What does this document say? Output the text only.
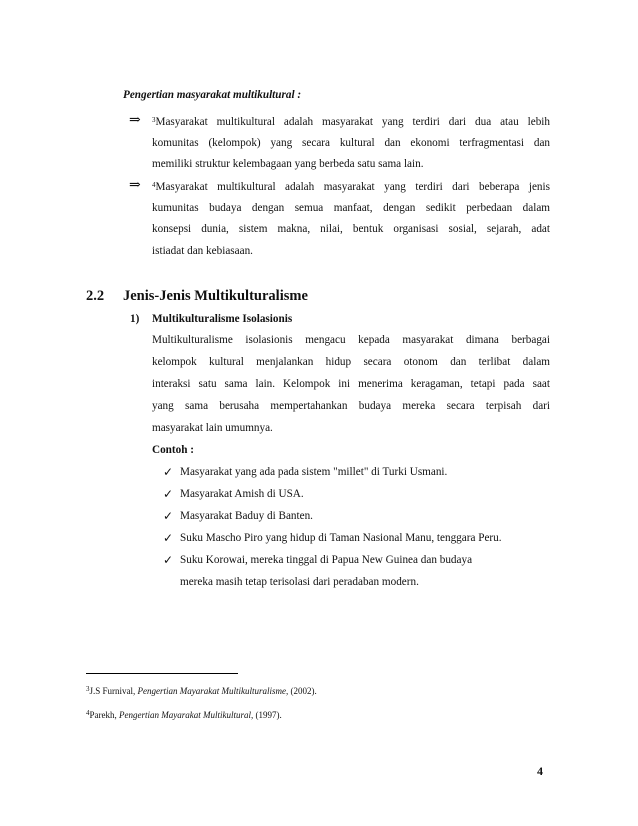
Pengertian masyarakat multikultural :
⇒ $^3$Masyarakat multikultural adalah masyarakat yang terdiri dari dua atau lebih
komunitas (kelompok) yang secara kultural dan ekonomi terfragmentasi dan
memiliki struktur kelembagaan yang berbeda satu sama lain.
⇒ $^4$Masyarakat multikultural adalah masyarakat yang terdiri dari beberapa jenis
kumunitas budaya dengan semua manfaat, dengan sedikit perbedaan dalam
konsepsi dunia, sistem makna, nilai, bentuk organisasi sosial, sejarah, adat
istiadat dan kebiasaan.
2.2 Jenis-Jenis Multikulturalisme
1) Multikulturalisme Isolasionis
Multikulturalisme isolasionis mengacu kepada masyarakat dimana berbagai
kelompok kultural menjalankan hidup secara otonom dan terlibat dalam
interaksi satu sama lain. Kelompok ini menerima keragaman, tetapi pada saat
yang sama berusaha mempertahankan budaya mereka secara terpisah dari
masyarakat lain umumnya.
Contoh :
✓ Masyarakat yang ada pada sistem "millet" di Turki Usmani.
✓ Masyarakat Amish di USA.
✓ Masyarakat Baduy di Banten.
✓ Suku Mascho Piro yang hidup di Taman Nasional Manu, tenggara Peru.
✓ Suku Korowai, mereka tinggal di Papua New Guinea dan budaya
mereka masih tetap terisolasi dari peradaban modern.
$^3$J.S Furnival, Pengertian Mayarakat Multikulturalisme, (2002).
$^4$Parekh, Pengertian Mayarakat Multikultural, (1997).
4
